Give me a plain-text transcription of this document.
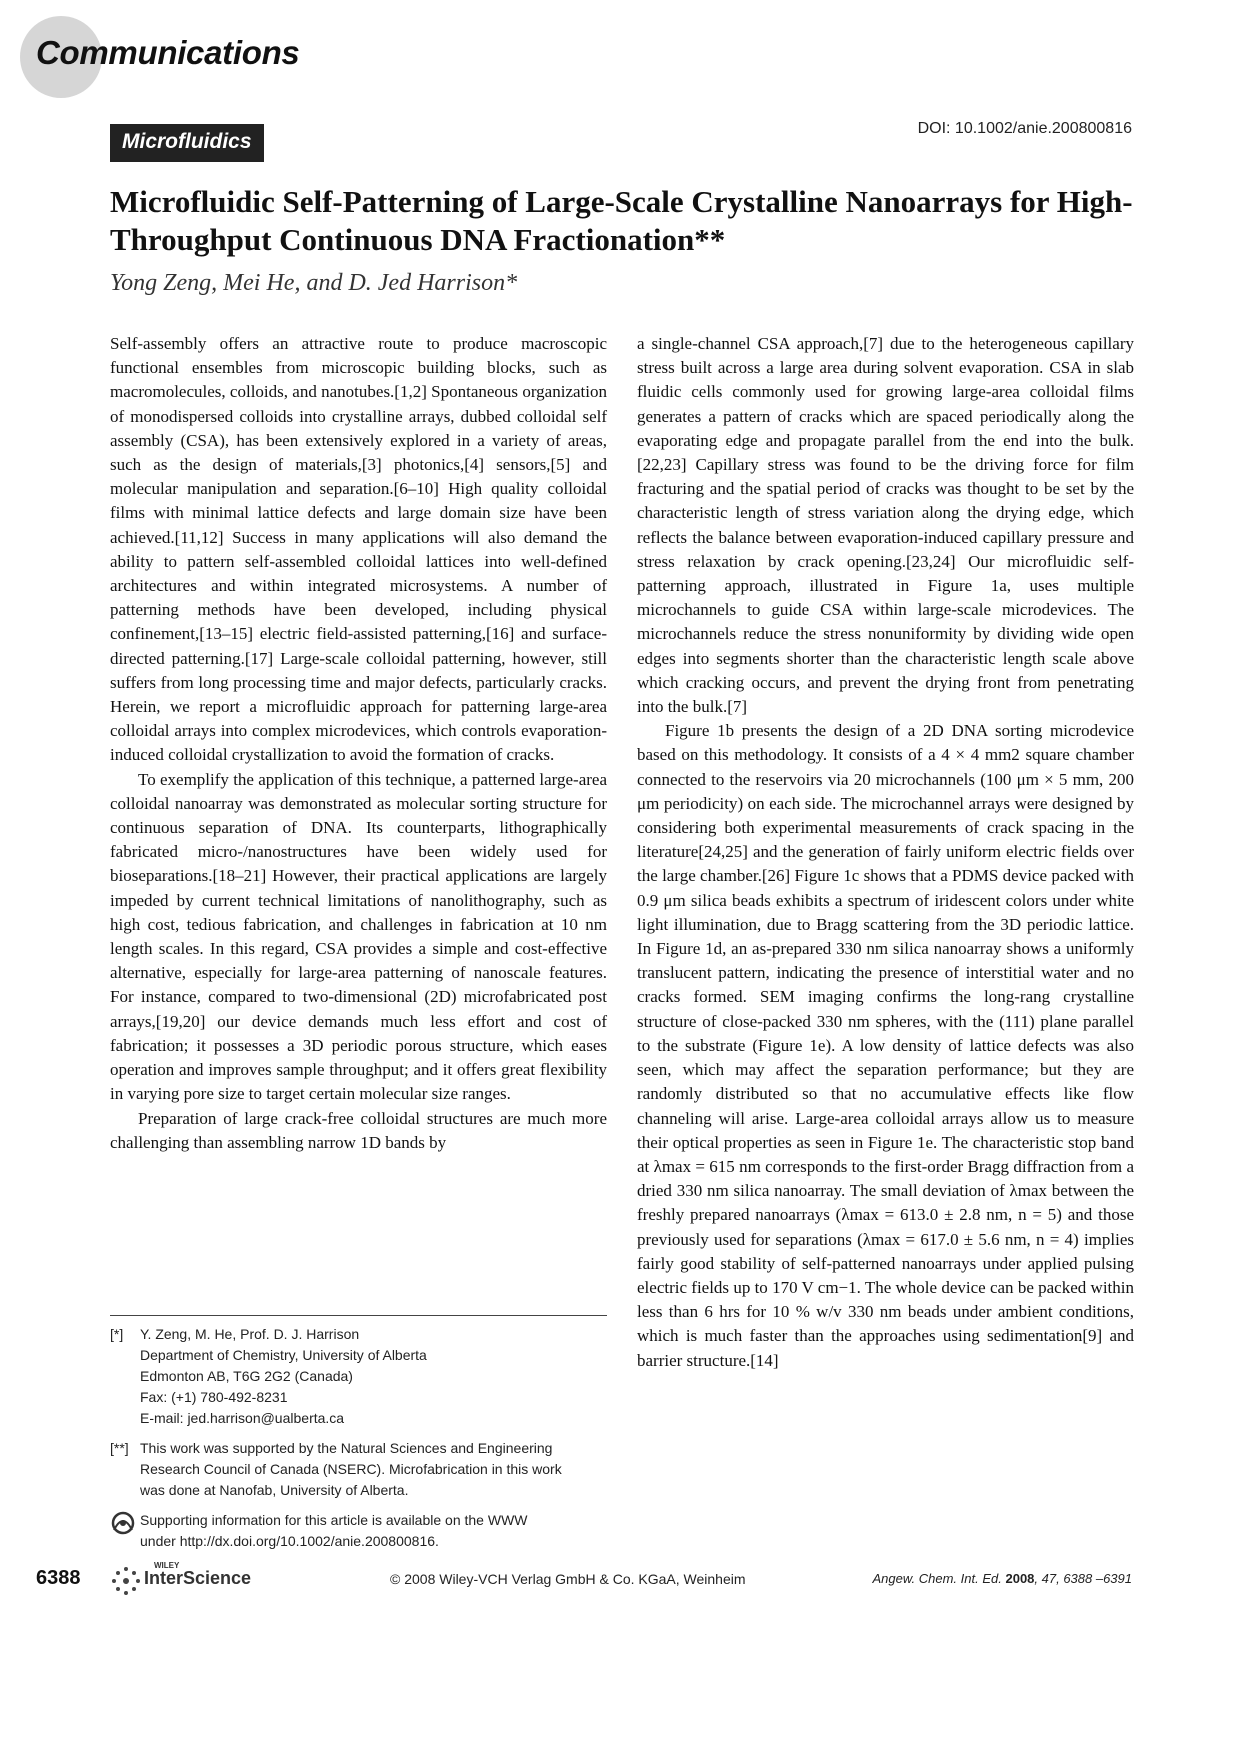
Communications
Microfluidics
DOI: 10.1002/anie.200800816
Microfluidic Self-Patterning of Large-Scale Crystalline Nanoarrays for High-Throughput Continuous DNA Fractionation**
Yong Zeng, Mei He, and D. Jed Harrison*

Self-assembly offers an attractive route to produce macroscopic functional ensembles from microscopic building blocks, such as macromolecules, colloids, and nanotubes.[1,2] Spontaneous organization of monodispersed colloids into crystalline arrays, dubbed colloidal self assembly (CSA), has been extensively explored in a variety of areas, such as the design of materials,[3] photonics,[4] sensors,[5] and molecular manipulation and separation.[6–10] High quality colloidal films with minimal lattice defects and large domain size have been achieved.[11,12] Success in many applications will also demand the ability to pattern self-assembled colloidal lattices into well-defined architectures and within integrated microsystems. A number of patterning methods have been developed, including physical confinement,[13–15] electric field-assisted patterning,[16] and surface-directed patterning.[17] Large-scale colloidal patterning, however, still suffers from long processing time and major defects, particularly cracks. Herein, we report a microfluidic approach for patterning large-area colloidal arrays into complex microdevices, which controls evaporation-induced colloidal crystallization to avoid the formation of cracks.

To exemplify the application of this technique, a patterned large-area colloidal nanoarray was demonstrated as molecular sorting structure for continuous separation of DNA. Its counterparts, lithographically fabricated micro-/nanostructures have been widely used for bioseparations.[18–21] However, their practical applications are largely impeded by current technical limitations of nanolithography, such as high cost, tedious fabrication, and challenges in fabrication at 10 nm length scales. In this regard, CSA provides a simple and cost-effective alternative, especially for large-area patterning of nanoscale features. For instance, compared to two-dimensional (2D) microfabricated post arrays,[19,20] our device demands much less effort and cost of fabrication; it possesses a 3D periodic porous structure, which eases operation and improves sample throughput; and it offers great flexibility in varying pore size to target certain molecular size ranges.

Preparation of large crack-free colloidal structures are much more challenging than assembling narrow 1D bands by

a single-channel CSA approach,[7] due to the heterogeneous capillary stress built across a large area during solvent evaporation. CSA in slab fluidic cells commonly used for growing large-area colloidal films generates a pattern of cracks which are spaced periodically along the evaporating edge and propagate parallel from the end into the bulk.[22,23] Capillary stress was found to be the driving force for film fracturing and the spatial period of cracks was thought to be set by the characteristic length of stress variation along the drying edge, which reflects the balance between evaporation-induced capillary pressure and stress relaxation by crack opening.[23,24] Our microfluidic self-patterning approach, illustrated in Figure 1a, uses multiple microchannels to guide CSA within large-scale microdevices. The microchannels reduce the stress nonuniformity by dividing wide open edges into segments shorter than the characteristic length scale above which cracking occurs, and prevent the drying front from penetrating into the bulk.[7]

Figure 1b presents the design of a 2D DNA sorting microdevice based on this methodology. It consists of a 4 × 4 mm2 square chamber connected to the reservoirs via 20 microchannels (100 μm × 5 mm, 200 μm periodicity) on each side. The microchannel arrays were designed by considering both experimental measurements of crack spacing in the literature[24,25] and the generation of fairly uniform electric fields over the large chamber.[26] Figure 1c shows that a PDMS device packed with 0.9 μm silica beads exhibits a spectrum of iridescent colors under white light illumination, due to Bragg scattering from the 3D periodic lattice. In Figure 1d, an as-prepared 330 nm silica nanoarray shows a uniformly translucent pattern, indicating the presence of interstitial water and no cracks formed. SEM imaging confirms the long-rang crystalline structure of close-packed 330 nm spheres, with the (111) plane parallel to the substrate (Figure 1e). A low density of lattice defects was also seen, which may affect the separation performance; but they are randomly distributed so that no accumulative effects like flow channeling will arise. Large-area colloidal arrays allow us to measure their optical properties as seen in Figure 1e. The characteristic stop band at λmax = 615 nm corresponds to the first-order Bragg diffraction from a dried 330 nm silica nanoarray. The small deviation of λmax between the freshly prepared nanoarrays (λmax = 613.0 ± 2.8 nm, n = 5) and those previously used for separations (λmax = 617.0 ± 5.6 nm, n = 4) implies fairly good stability of self-patterned nanoarrays under applied pulsing electric fields up to 170 V cm−1. The whole device can be packed within less than 6 hrs for 10 % w/v 330 nm beads under ambient conditions, which is much faster than the approaches using sedimentation[9] and barrier structure.[14]

[*]	Y. Zeng, M. He, Prof. D. J. Harrison
Department of Chemistry, University of Alberta
Edmonton AB, T6G 2G2 (Canada)
Fax: (+1) 780-492-8231
E-mail: jed.harrison@ualberta.ca
[**] This work was supported by the Natural Sciences and Engineering
Research Council of Canada (NSERC). Microfabrication in this work
was done at Nanofab, University of Alberta.
Supporting information for this article is available on the WWW
under http://dx.doi.org/10.1002/anie.200800816.
6388
WILEY
InterScience	© 2008 Wiley-VCH Verlag GmbH & Co. KGaA, Weinheim	Angew. Chem. Int. Ed. 2008, 47, 6388 –6391
